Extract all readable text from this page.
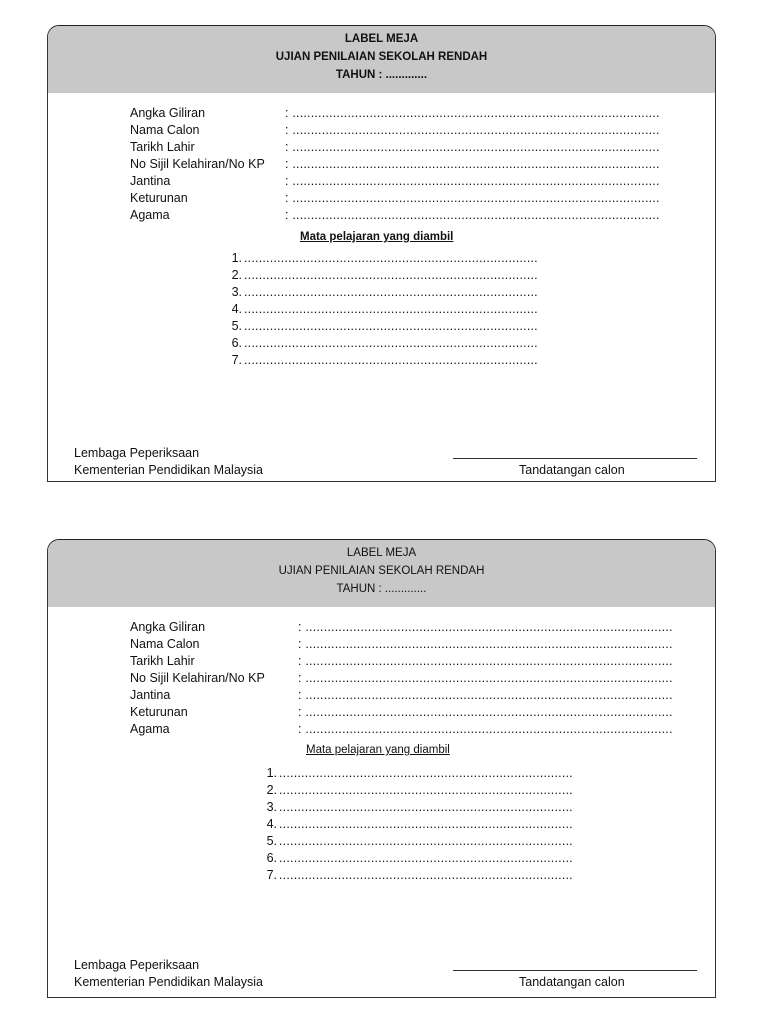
LABEL MEJA
UJIAN PENILAIAN SEKOLAH RENDAH
TAHUN : .............
Angka Giliran	: ....................................................................................................
Nama Calon	: ....................................................................................................
Tarikh Lahir	: ....................................................................................................
No Sijil Kelahiran/No KP : ....................................................................................................
Jantina	: ....................................................................................................
Keturunan	: ....................................................................................................
Agama	: ....................................................................................................
Mata pelajaran yang diambil
1. ................................................................................
2. ................................................................................
3. ................................................................................
4. ................................................................................
5. ................................................................................
6. ................................................................................
7. ................................................................................
Lembaga Peperiksaan
Kementerian Pendidikan Malaysia	Tandatangan calon
LABEL MEJA
UJIAN PENILAIAN SEKOLAH RENDAH
TAHUN : .............
Angka Giliran	: ....................................................................................................
Nama Calon	: ....................................................................................................
Tarikh Lahir	: ....................................................................................................
No Sijil Kelahiran/No KP	: ....................................................................................................
Jantina	: ....................................................................................................
Keturunan	: ....................................................................................................
Agama	: ....................................................................................................
Mata pelajaran yang diambil
1. ................................................................................
2. ................................................................................
3. ................................................................................
4. ................................................................................
5. ................................................................................
6. ................................................................................
7. ................................................................................
Lembaga Peperiksaan
Kementerian Pendidikan Malaysia	Tandatangan calon
